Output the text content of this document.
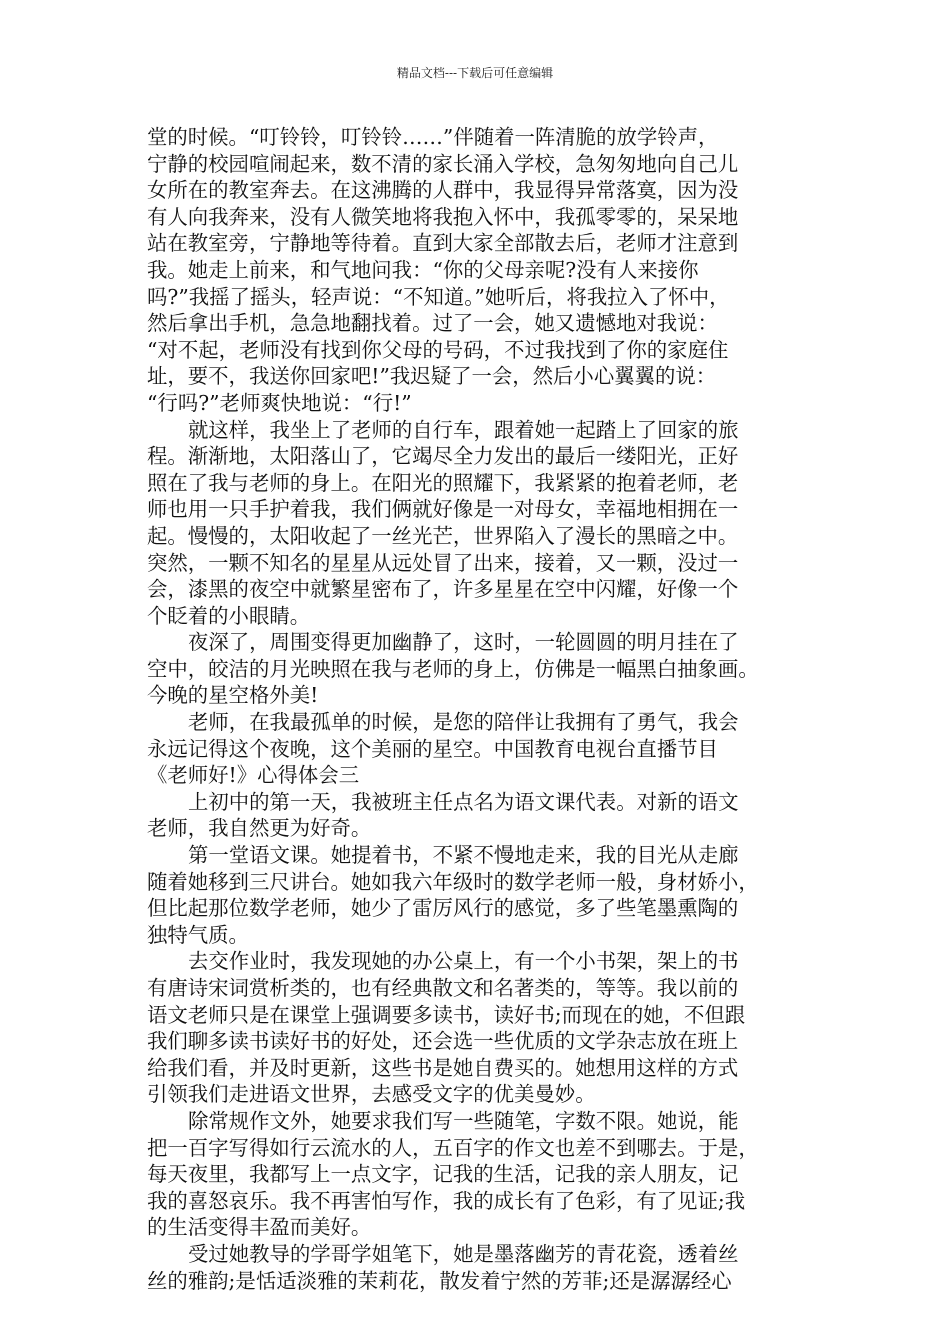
精品文档---下载后可任意编辑
堂的时候。“叮铃铃，叮铃铃……”伴随着一阵清脆的放学铃声，
宁静的校园喧闹起来，数不清的家长涌入学校，急匆匆地向自己儿
女所在的教室奔去。在这沸腾的人群中，我显得异常落寞，因为没
有人向我奔来，没有人微笑地将我抱入怀中，我孤零零的，呆呆地
站在教室旁，宁静地等待着。直到大家全部散去后，老师才注意到
我。她走上前来，和气地问我：“你的父母亲呢?没有人来接你
吗?”我摇了摇头，轻声说：“不知道。”她听后，将我拉入了怀中，
然后拿出手机，急急地翻找着。过了一会，她又遗憾地对我说：
“对不起，老师没有找到你父母的号码，不过我找到了你的家庭住
址，要不，我送你回家吧!”我迟疑了一会，然后小心翼翼的说：
“行吗?”老师爽快地说：“行!”
就这样，我坐上了老师的自行车，跟着她一起踏上了回家的旅
程。渐渐地，太阳落山了，它竭尽全力发出的最后一缕阳光，正好
照在了我与老师的身上。在阳光的照耀下，我紧紧的抱着老师，老
师也用一只手护着我，我们俩就好像是一对母女，幸福地相拥在一
起。慢慢的，太阳收起了一丝光芒，世界陷入了漫长的黑暗之中。
突然，一颗不知名的星星从远处冒了出来，接着，又一颗，没过一
会，漆黑的夜空中就繁星密布了，许多星星在空中闪耀，好像一个
个眨着的小眼睛。
夜深了，周围变得更加幽静了，这时，一轮圆圆的明月挂在了
空中，皎洁的月光映照在我与老师的身上，仿佛是一幅黑白抽象画。
今晚的星空格外美!
老师，在我最孤单的时候，是您的陪伴让我拥有了勇气，我会
永远记得这个夜晚，这个美丽的星空。中国教育电视台直播节目
《老师好!》心得体会三
上初中的第一天，我被班主任点名为语文课代表。对新的语文
老师，我自然更为好奇。
第一堂语文课。她提着书，不紧不慢地走来，我的目光从走廊
随着她移到三尺讲台。她如我六年级时的数学老师一般，身材娇小，
但比起那位数学老师，她少了雷厉风行的感觉，多了些笔墨熏陶的
独特气质。
去交作业时，我发现她的办公桌上，有一个小书架，架上的书
有唐诗宋词赏析类的，也有经典散文和名著类的，等等。我以前的
语文老师只是在课堂上强调要多读书，读好书;而现在的她，不但跟
我们聊多读书读好书的好处，还会选一些优质的文学杂志放在班上
给我们看，并及时更新，这些书是她自费买的。她想用这样的方式
引领我们走进语文世界，去感受文字的优美曼妙。
除常规作文外，她要求我们写一些随笔，字数不限。她说，能
把一百字写得如行云流水的人，五百字的作文也差不到哪去。于是，
每天夜里，我都写上一点文字，记我的生活，记我的亲人朋友，记
我的喜怒哀乐。我不再害怕写作，我的成长有了色彩，有了见证;我
的生活变得丰盈而美好。
受过她教导的学哥学姐笔下，她是墨落幽芳的青花瓷，透着丝
丝的雅韵;是恬适淡雅的茉莉花，散发着宁然的芳菲;还是潺潺经心
